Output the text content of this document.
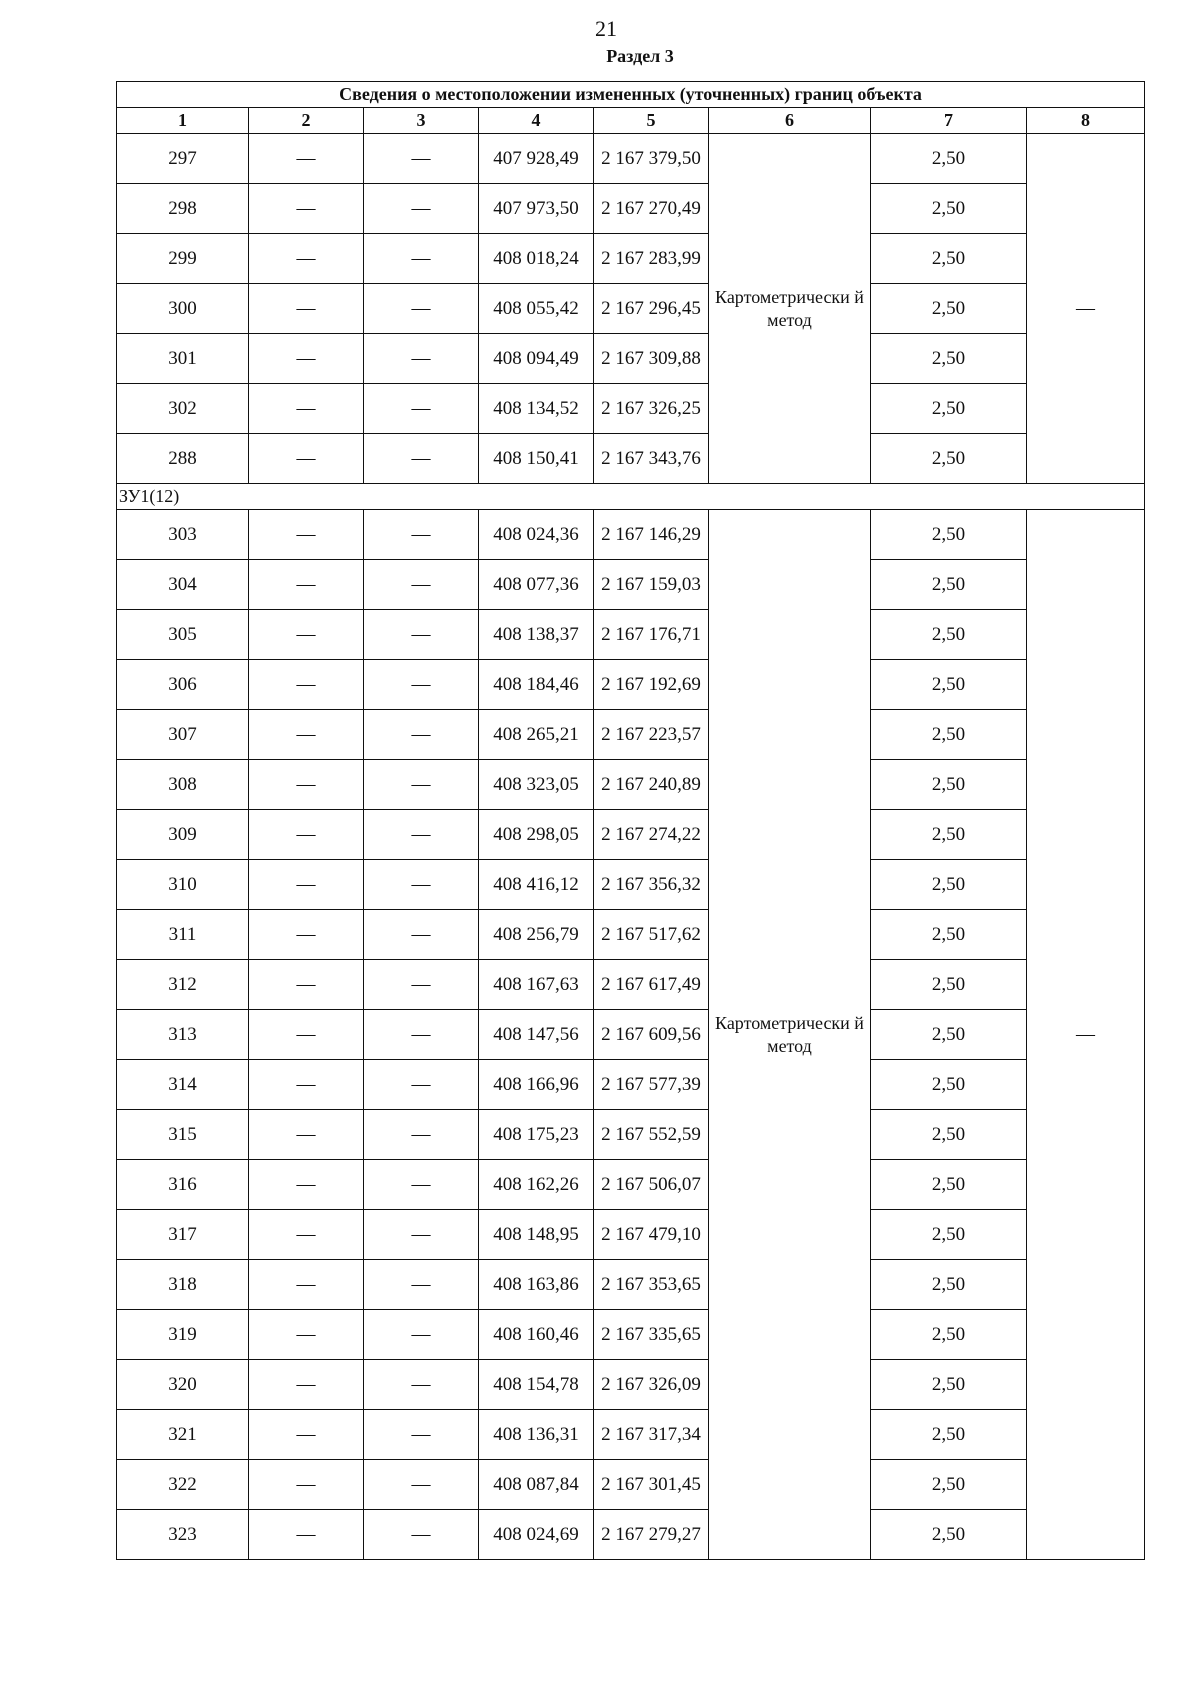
21
Раздел 3
Сведения о местоположении измененных (уточненных) границ объекта							
1	2	3	4	5	6	7	8
297	—	—	407 928,49	2 167 379,50	Картометрически й метод	2,50	—
298	—	—	407 973,50	2 167 270,49		2,50	
299	—	—	408 018,24	2 167 283,99		2,50	
300	—	—	408 055,42	2 167 296,45		2,50	
301	—	—	408 094,49	2 167 309,88		2,50	
302	—	—	408 134,52	2 167 326,25		2,50	
288	—	—	408 150,41	2 167 343,76		2,50	
ЗУ1(12)							
303	—	—	408 024,36	2 167 146,29	Картометрически й метод	2,50	—
304	—	—	408 077,36	2 167 159,03		2,50	
305	—	—	408 138,37	2 167 176,71		2,50	
306	—	—	408 184,46	2 167 192,69		2,50	
307	—	—	408 265,21	2 167 223,57		2,50	
308	—	—	408 323,05	2 167 240,89		2,50	
309	—	—	408 298,05	2 167 274,22		2,50	
310	—	—	408 416,12	2 167 356,32		2,50	
311	—	—	408 256,79	2 167 517,62		2,50	
312	—	—	408 167,63	2 167 617,49		2,50	
313	—	—	408 147,56	2 167 609,56		2,50	
314	—	—	408 166,96	2 167 577,39		2,50	
315	—	—	408 175,23	2 167 552,59		2,50	
316	—	—	408 162,26	2 167 506,07		2,50	
317	—	—	408 148,95	2 167 479,10		2,50	
318	—	—	408 163,86	2 167 353,65		2,50	
319	—	—	408 160,46	2 167 335,65		2,50	
320	—	—	408 154,78	2 167 326,09		2,50	
321	—	—	408 136,31	2 167 317,34		2,50	
322	—	—	408 087,84	2 167 301,45		2,50	
323	—	—	408 024,69	2 167 279,27		2,50	
